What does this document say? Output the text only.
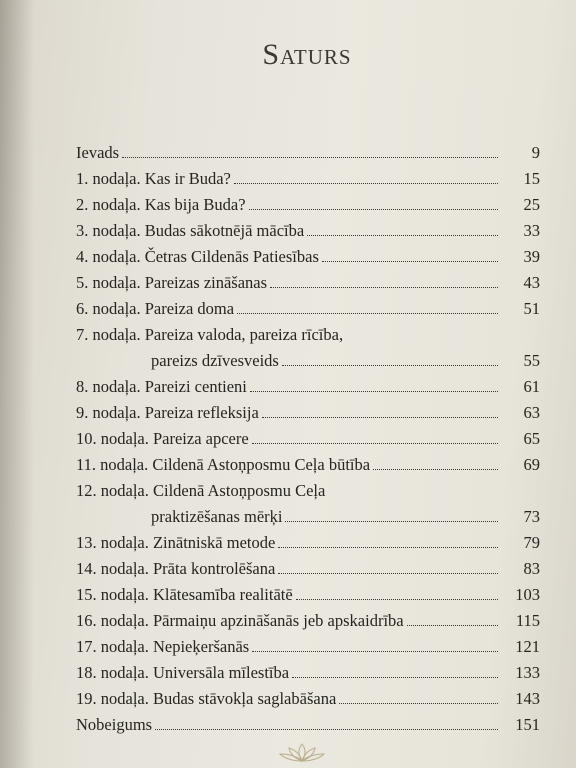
Saturs
Ievads	9
1. nodaļa. Kas ir Buda?	15
2. nodaļa. Kas bija Buda?	25
3. nodaļa. Budas sākotnējā mācība	33
4. nodaļa. Četras Cildenās Patiesības	39
5. nodaļa. Pareizas zināšanas	43
6. nodaļa. Pareiza doma	51
7. nodaļa. Pareiza valoda, pareiza rīcība,
pareizs dzīvesveids	55
8. nodaļa. Pareizi centieni	61
9. nodaļa. Pareiza refleksija	63
10. nodaļa. Pareiza apcere	65
11. nodaļa. Cildenā Astoņposmu Ceļa būtība	69
12. nodaļa. Cildenā Astoņposmu Ceļa
praktizēšanas mērķi	73
13. nodaļa. Zinātniskā metode	79
14. nodaļa. Prāta kontrolēšana	83
15. nodaļa. Klātesamība realitātē	103
16. nodaļa. Pārmaiņu apzināšanās jeb apskaidrība	115
17. nodaļa. Nepieķeršanās	121
18. nodaļa. Universāla mīlestība	133
19. nodaļa. Budas stāvokļa saglabāšana	143
Nobeigums	151
